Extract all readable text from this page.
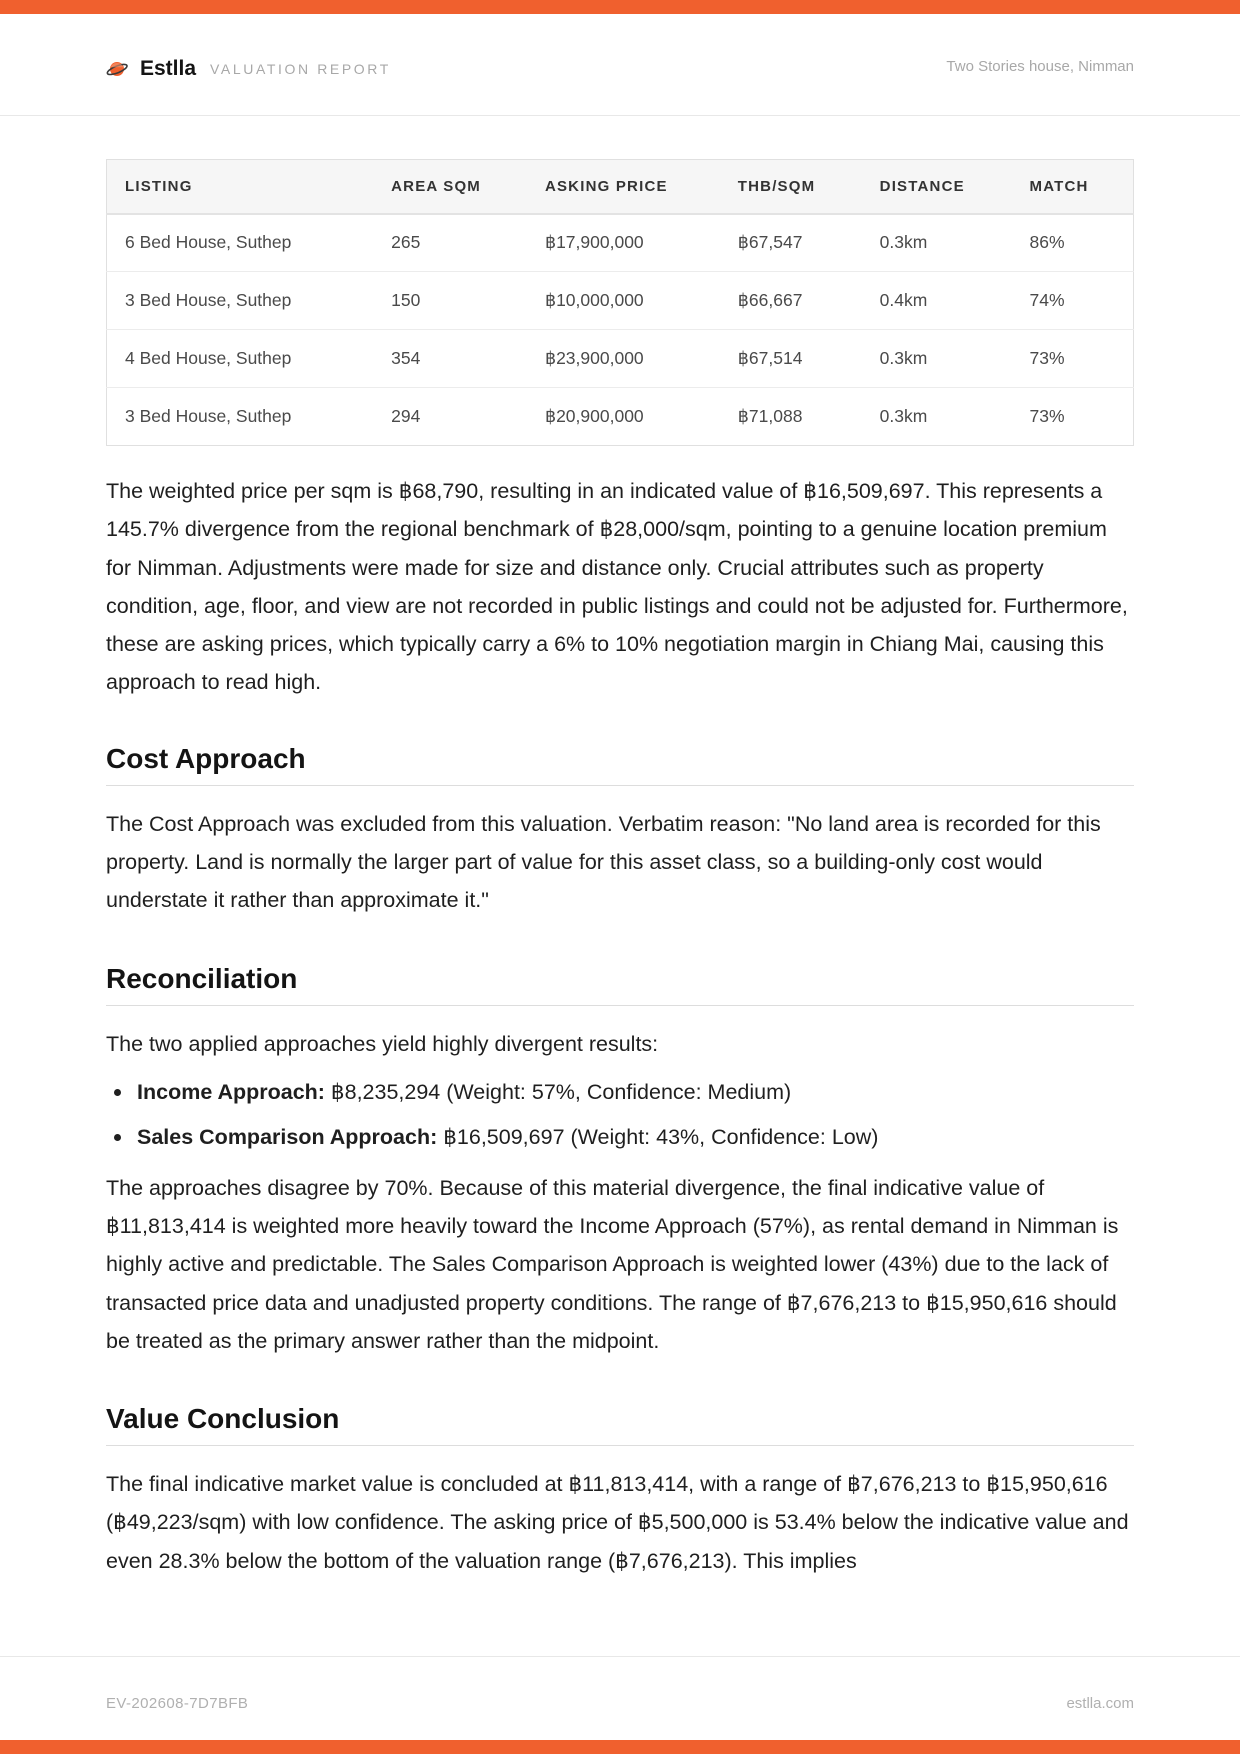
Estlla VALUATION REPORT	Two Stories house, Nimman
LISTING	AREA SQM	ASKING PRICE	THB/SQM	DISTANCE	MATCH
6 Bed House, Suthep	265	฿17,900,000	฿67,547	0.3km	86%
3 Bed House, Suthep	150	฿10,000,000	฿66,667	0.4km	74%
4 Bed House, Suthep	354	฿23,900,000	฿67,514	0.3km	73%
3 Bed House, Suthep	294	฿20,900,000	฿71,088	0.3km	73%

The weighted price per sqm is ฿68,790, resulting in an indicated value of ฿16,509,697. This represents a 145.7% divergence from the regional benchmark of ฿28,000/sqm, pointing to a genuine location premium for Nimman. Adjustments were made for size and distance only. Crucial attributes such as property condition, age, floor, and view are not recorded in public listings and could not be adjusted for. Furthermore, these are asking prices, which typically carry a 6% to 10% negotiation margin in Chiang Mai, causing this approach to read high.

Cost Approach

The Cost Approach was excluded from this valuation. Verbatim reason: "No land area is recorded for this property. Land is normally the larger part of value for this asset class, so a building-only cost would understate it rather than approximate it."

Reconciliation

The two applied approaches yield highly divergent results:

Income Approach: ฿8,235,294 (Weight: 57%, Confidence: Medium)
Sales Comparison Approach: ฿16,509,697 (Weight: 43%, Confidence: Low)

The approaches disagree by 70%. Because of this material divergence, the final indicative value of ฿11,813,414 is weighted more heavily toward the Income Approach (57%), as rental demand in Nimman is highly active and predictable. The Sales Comparison Approach is weighted lower (43%) due to the lack of transacted price data and unadjusted property conditions. The range of ฿7,676,213 to ฿15,950,616 should be treated as the primary answer rather than the midpoint.

Value Conclusion

The final indicative market value is concluded at ฿11,813,414, with a range of ฿7,676,213 to ฿15,950,616 (฿49,223/sqm) with low confidence. The asking price of ฿5,500,000 is 53.4% below the indicative value and even 28.3% below the bottom of the valuation range (฿7,676,213). This implies

EV-202608-7D7BFB	estlla.com
